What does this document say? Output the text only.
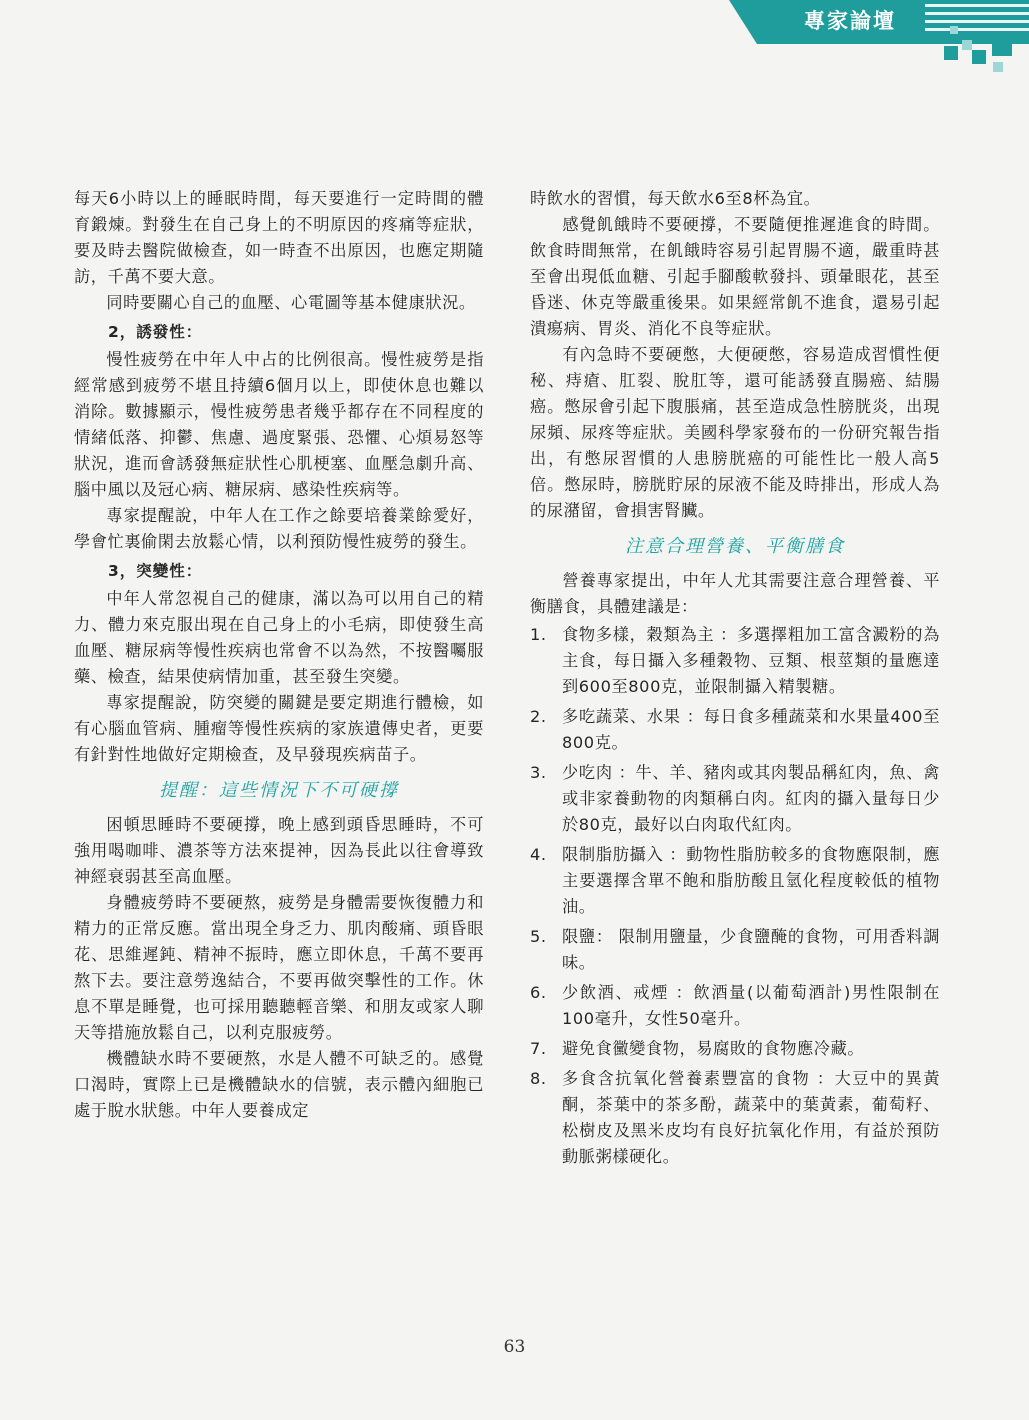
專家論壇

每天6小時以上的睡眠時間，每天要進行一定時間的體育鍛煉。對發生在自己身上的不明原因的疼痛等症狀，要及時去醫院做檢查，如一時查不出原因，也應定期隨訪，千萬不要大意。

同時要關心自己的血壓、心電圖等基本健康狀況。

2，誘發性：

慢性疲勞在中年人中占的比例很高。慢性疲勞是指經常感到疲勞不堪且持續6個月以上，即使休息也難以消除。數據顯示，慢性疲勞患者幾乎都存在不同程度的情緒低落、抑鬱、焦慮、過度緊張、恐懼、心煩易怒等狀況，進而會誘發無症狀性心肌梗塞、血壓急劇升高、腦中風以及冠心病、糖尿病、感染性疾病等。

專家提醒說，中年人在工作之餘要培養業餘愛好，學會忙裏偷閑去放鬆心情，以利預防慢性疲勞的發生。

3，突變性：

中年人常忽視自己的健康，滿以為可以用自己的精力、體力來克服出現在自己身上的小毛病，即使發生高血壓、糖尿病等慢性疾病也常會不以為然，不按醫囑服藥、檢查，結果使病情加重，甚至發生突變。

專家提醒說，防突變的關鍵是要定期進行體檢，如有心腦血管病、腫瘤等慢性疾病的家族遺傳史者，更要有針對性地做好定期檢查，及早發現疾病苗子。

提醒：這些情況下不可硬撐

困頓思睡時不要硬撐，晚上感到頭昏思睡時，不可強用喝咖啡、濃茶等方法來提神，因為長此以往會導致神經衰弱甚至高血壓。

身體疲勞時不要硬熬，疲勞是身體需要恢復體力和精力的正常反應。當出現全身乏力、肌肉酸痛、頭昏眼花、思維遲鈍、精神不振時，應立即休息，千萬不要再熬下去。要注意勞逸結合，不要再做突擊性的工作。休息不單是睡覺，也可採用聽聽輕音樂、和朋友或家人聊天等措施放鬆自己，以利克服疲勞。

機體缺水時不要硬熬，水是人體不可缺乏的。感覺口渴時，實際上已是機體缺水的信號，表示體內細胞已處于脫水狀態。中年人要養成定

時飲水的習慣，每天飲水6至8杯為宜。

感覺飢餓時不要硬撐，不要隨便推遲進食的時間。飲食時間無常，在飢餓時容易引起胃腸不適，嚴重時甚至會出現低血糖、引起手腳酸軟發抖、頭暈眼花，甚至昏迷、休克等嚴重後果。如果經常飢不進食，還易引起潰瘍病、胃炎、消化不良等症狀。

有內急時不要硬憋，大便硬憋，容易造成習慣性便秘、痔瘡、肛裂、脫肛等，還可能誘發直腸癌、結腸癌。憋尿會引起下腹脹痛，甚至造成急性膀胱炎，出現尿頻、尿疼等症狀。美國科學家發布的一份研究報告指出，有憋尿習慣的人患膀胱癌的可能性比一般人高5倍。憋尿時，膀胱貯尿的尿液不能及時排出，形成人為的尿潴留，會損害腎臟。

注意合理營養、平衡膳食

營養專家提出，中年人尤其需要注意合理營養、平衡膳食，具體建議是：

1. 食物多樣，穀類為主 ：多選擇粗加工富含澱粉的為主食，每日攝入多種穀物、豆類、根莖類的量應達到600至800克，並限制攝入精製糖。
2. 多吃蔬菜、水果 ：每日食多種蔬菜和水果量400至800克。
3. 少吃肉 ：牛、羊、豬肉或其肉製品稱紅肉，魚、禽或非家養動物的肉類稱白肉。紅肉的攝入量每日少於80克，最好以白肉取代紅肉。
4. 限制脂肪攝入 ：動物性脂肪較多的食物應限制，應主要選擇含單不飽和脂肪酸且氫化程度較低的植物油。
5. 限鹽： 限制用鹽量，少食鹽醃的食物，可用香料調味。
6. 少飲酒、戒煙 ：飲酒量(以葡萄酒計)男性限制在100毫升，女性50毫升。
7. 避免食黴變食物，易腐敗的食物應冷藏。
8. 多食含抗氧化營養素豐富的食物 ：大豆中的異黃酮，茶葉中的茶多酚，蔬菜中的葉黃素，葡萄籽、松樹皮及黑米皮均有良好抗氧化作用，有益於預防動脈粥樣硬化。
63
